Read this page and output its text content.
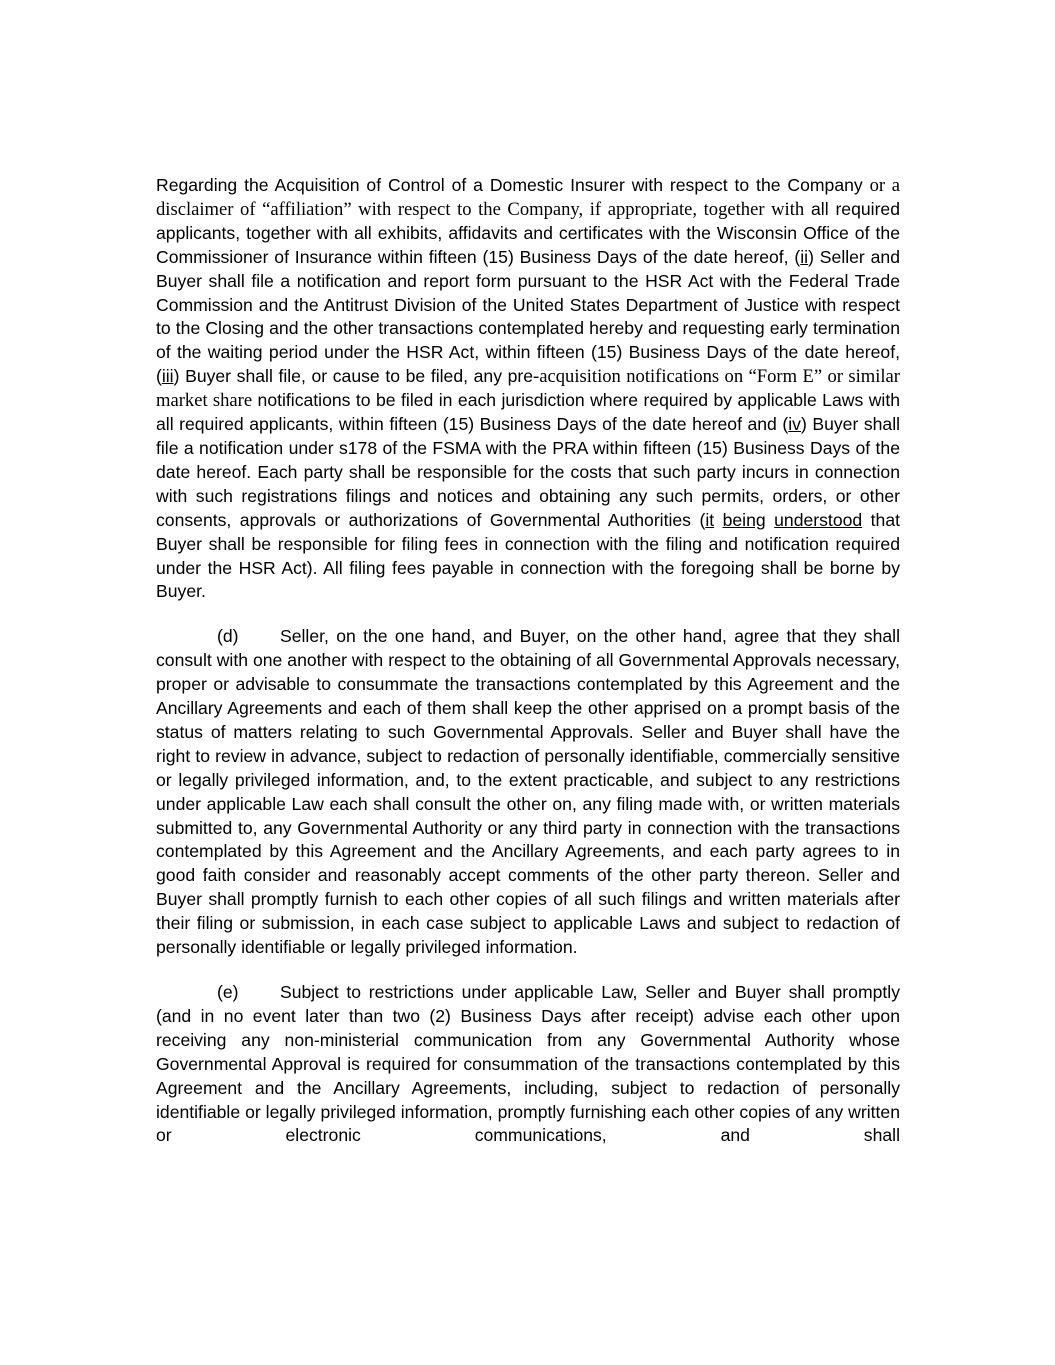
Regarding the Acquisition of Control of a Domestic Insurer with respect to the Company or a disclaimer of “affiliation” with respect to the Company, if appropriate, together with all required applicants, together with all exhibits, affidavits and certificates with the Wisconsin Office of the Commissioner of Insurance within fifteen (15) Business Days of the date hereof, (ii) Seller and Buyer shall file a notification and report form pursuant to the HSR Act with the Federal Trade Commission and the Antitrust Division of the United States Department of Justice with respect to the Closing and the other transactions contemplated hereby and requesting early termination of the waiting period under the HSR Act, within fifteen (15) Business Days of the date hereof, (iii) Buyer shall file, or cause to be filed, any pre-acquisition notifications on “Form E” or similar market share notifications to be filed in each jurisdiction where required by applicable Laws with all required applicants, within fifteen (15) Business Days of the date hereof and (iv) Buyer shall file a notification under s178 of the FSMA with the PRA within fifteen (15) Business Days of the date hereof. Each party shall be responsible for the costs that such party incurs in connection with such registrations filings and notices and obtaining any such permits, orders, or other consents, approvals or authorizations of Governmental Authorities (it being understood that Buyer shall be responsible for filing fees in connection with the filing and notification required under the HSR Act). All filing fees payable in connection with the foregoing shall be borne by Buyer.

(d) Seller, on the one hand, and Buyer, on the other hand, agree that they shall consult with one another with respect to the obtaining of all Governmental Approvals necessary, proper or advisable to consummate the transactions contemplated by this Agreement and the Ancillary Agreements and each of them shall keep the other apprised on a prompt basis of the status of matters relating to such Governmental Approvals. Seller and Buyer shall have the right to review in advance, subject to redaction of personally identifiable, commercially sensitive or legally privileged information, and, to the extent practicable, and subject to any restrictions under applicable Law each shall consult the other on, any filing made with, or written materials submitted to, any Governmental Authority or any third party in connection with the transactions contemplated by this Agreement and the Ancillary Agreements, and each party agrees to in good faith consider and reasonably accept comments of the other party thereon. Seller and Buyer shall promptly furnish to each other copies of all such filings and written materials after their filing or submission, in each case subject to applicable Laws and subject to redaction of personally identifiable or legally privileged information.

(e) Subject to restrictions under applicable Law, Seller and Buyer shall promptly (and in no event later than two (2) Business Days after receipt) advise each other upon receiving any non-ministerial communication from any Governmental Authority whose Governmental Approval is required for consummation of the transactions contemplated by this Agreement and the Ancillary Agreements, including, subject to redaction of personally identifiable or legally privileged information, promptly furnishing each other copies of any written or electronic communications, and shall
